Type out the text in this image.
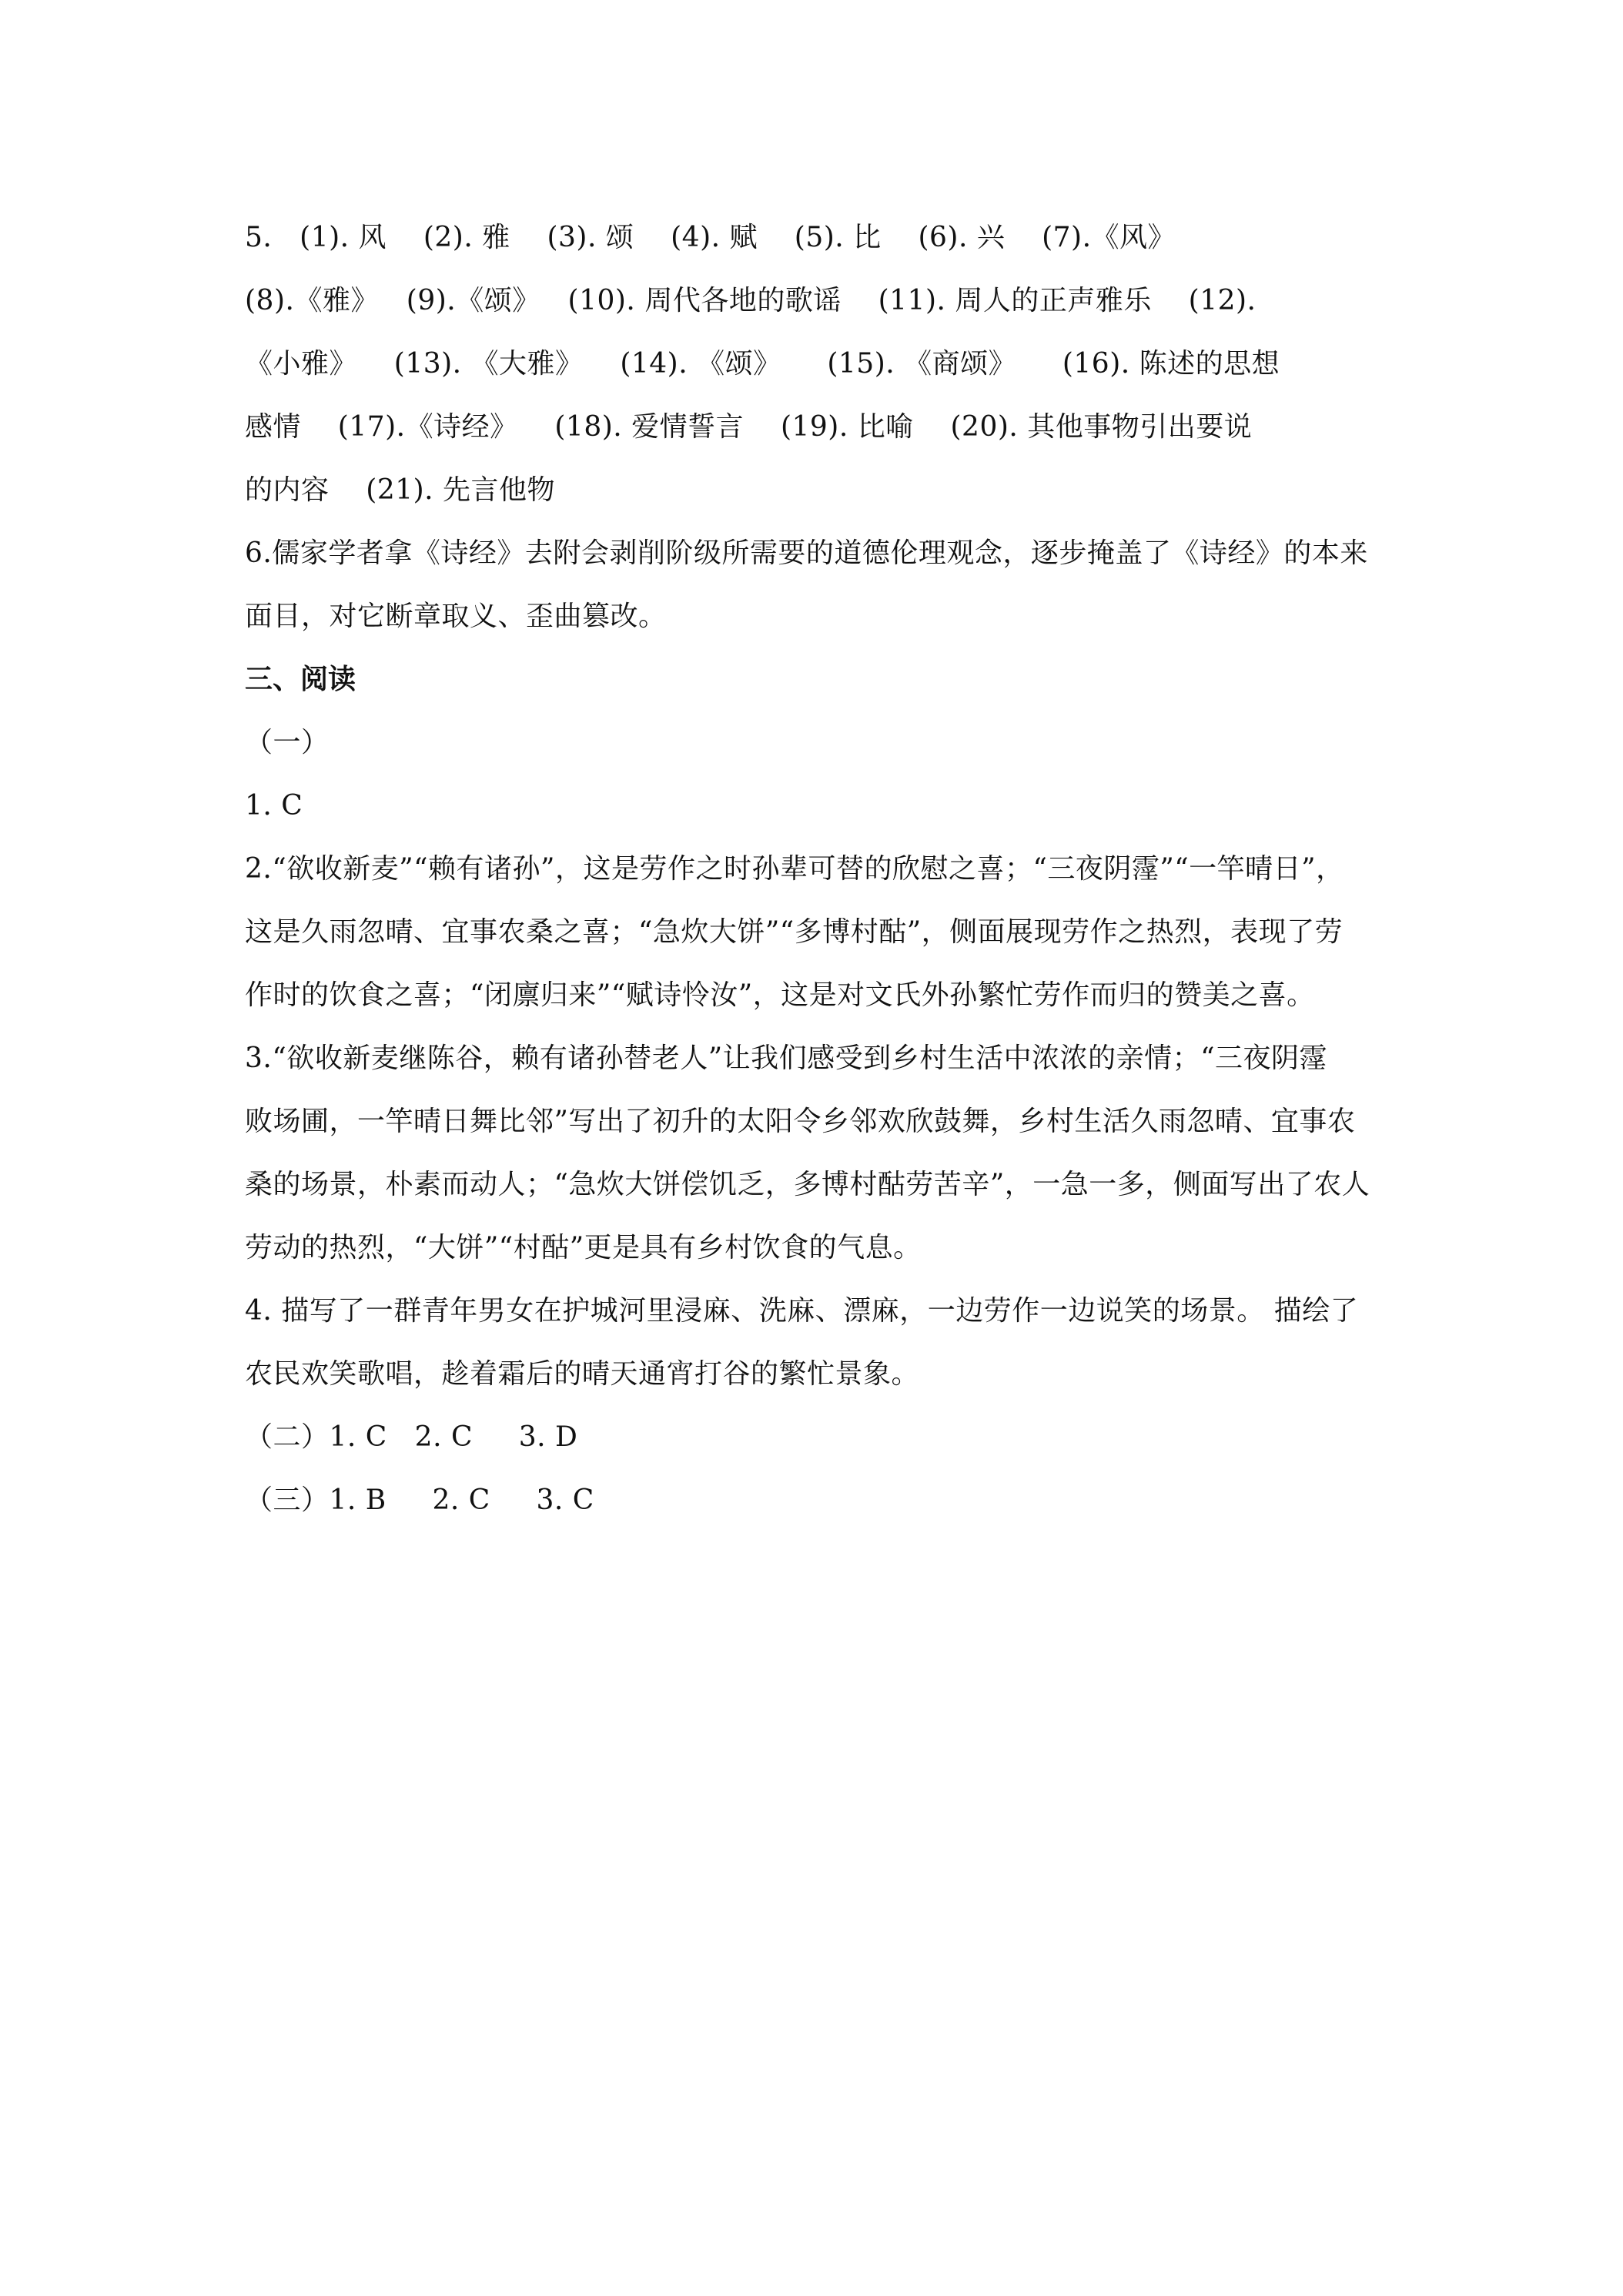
5.   (1). 风    (2). 雅    (3). 颂    (4). 赋    (5). 比    (6). 兴    (7).《风》

(8).《雅》   (9).《颂》   (10). 周代各地的歌谣    (11). 周人的正声雅乐    (12).

《小雅》    (13). 《大雅》    (14). 《颂》     (15). 《商颂》     (16). 陈述的思想

感情    (17).《诗经》    (18). 爱情誓言    (19). 比喻    (20). 其他事物引出要说

的内容    (21). 先言他物

6.儒家学者拿《诗经》去附会剥削阶级所需要的道德伦理观念，逐步掩盖了《诗经》的本来

面目，对它断章取义、歪曲篡改。

三、阅读

（一）

1. C

2.“欲收新麦”“赖有诸孙”，这是劳作之时孙辈可替的欣慰之喜；“三夜阴霪”“一竿晴日”，

这是久雨忽晴、宜事农桑之喜；“急炊大饼”“多博村酤”，侧面展现劳作之热烈，表现了劳

作时的饮食之喜；“闭廪归来”“赋诗怜汝”，这是对文氏外孙繁忙劳作而归的赞美之喜。

3.“欲收新麦继陈谷，赖有诸孙替老人”让我们感受到乡村生活中浓浓的亲情；“三夜阴霪

败场圃，一竿晴日舞比邻”写出了初升的太阳令乡邻欢欣鼓舞，乡村生活久雨忽晴、宜事农

桑的场景，朴素而动人；“急炊大饼偿饥乏，多博村酤劳苦辛”，一急一多，侧面写出了农人

劳动的热烈，“大饼”“村酤”更是具有乡村饮食的气息。

4. 描写了一群青年男女在护城河里浸麻、洗麻、漂麻，一边劳作一边说笑的场景。 描绘了

农民欢笑歌唱，趁着霜后的晴天通宵打谷的繁忙景象。

（二）1. C   2. C     3. D

（三）1. B     2. C     3. C
